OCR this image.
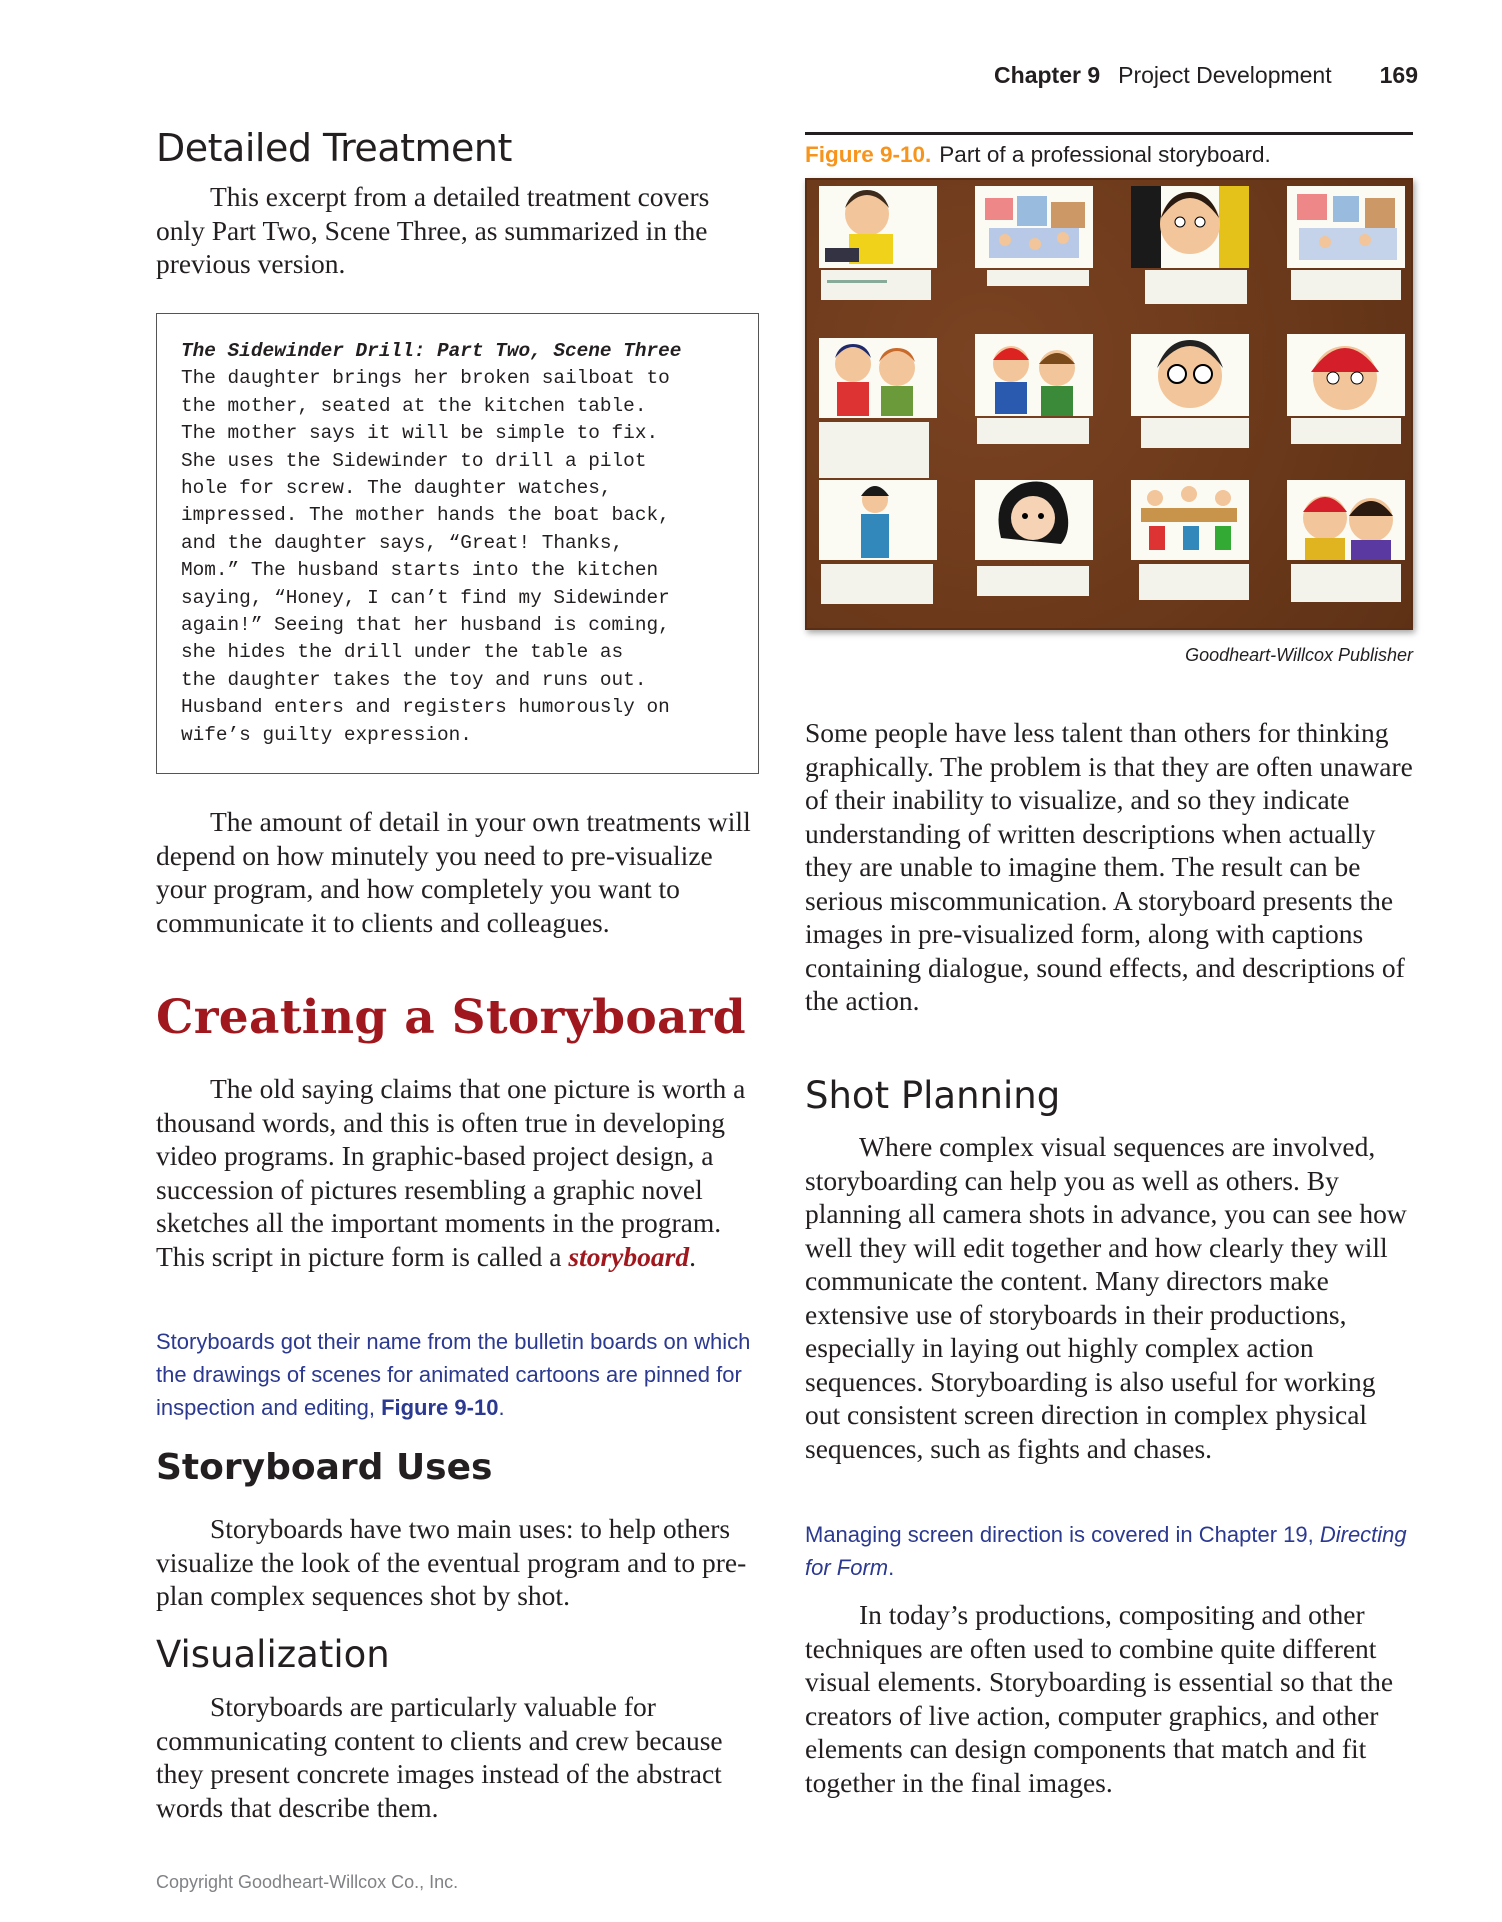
Chapter 9 Project Development 169
Detailed Treatment

This excerpt from a detailed treatment covers only Part Two, Scene Three, as summarized in the previous version.

The Sidewinder Drill: Part Two, Scene Three

The daughter brings her broken sailboat to
the mother, seated at the kitchen table.
The mother says it will be simple to fix.
She uses the Sidewinder to drill a pilot
hole for screw. The daughter watches,
impressed. The mother hands the boat back,
and the daughter says, “Great! Thanks,
Mom.” The husband starts into the kitchen
saying, “Honey, I can’t find my Sidewinder
again!” Seeing that her husband is coming,
she hides the drill under the table as
the daughter takes the toy and runs out.
Husband enters and registers humorously on
wife’s guilty expression.

The amount of detail in your own treatments will depend on how minutely you need to pre-visualize your program, and how completely you want to communicate it to clients and colleagues.

Creating a Storyboard

The old saying claims that one picture is worth a thousand words, and this is often true in developing video programs. In graphic-based project design, a succession of pictures resembling a graphic novel sketches all the important moments in the program. This script in picture form is called a storyboard.

Storyboards got their name from the bulletin boards on which the drawings of scenes for animated cartoons are pinned for inspection and editing, Figure 9-10.

Storyboard Uses

Storyboards have two main uses: to help others visualize the look of the eventual program and to pre-plan complex sequences shot by shot.

Visualization

Storyboards are particularly valuable for communicating content to clients and crew because they present concrete images instead of the abstract words that describe them.

Copyright Goodheart-Willcox Co., Inc.
Figure 9-10. Part of a professional storyboard.
Goodheart-Willcox Publisher

Some people have less talent than others for thinking graphically. The problem is that they are often unaware of their inability to visualize, and so they indicate understanding of written descriptions when actually they are unable to imagine them. The result can be serious miscommunication. A storyboard presents the images in pre-visualized form, along with captions containing dialogue, sound effects, and descriptions of the action.

Shot Planning

Where complex visual sequences are involved, storyboarding can help you as well as others. By planning all camera shots in advance, you can see how well they will edit together and how clearly they will communicate the content. Many directors make extensive use of storyboards in their productions, especially in laying out highly complex action sequences. Storyboarding is also useful for working out consistent screen direction in complex physical sequences, such as fights and chases.

Managing screen direction is covered in Chapter 19, Directing for Form.

In today’s productions, compositing and other techniques are often used to combine quite different visual elements. Storyboarding is essential so that the creators of live action, computer graphics, and other elements can design components that match and fit together in the final images.
